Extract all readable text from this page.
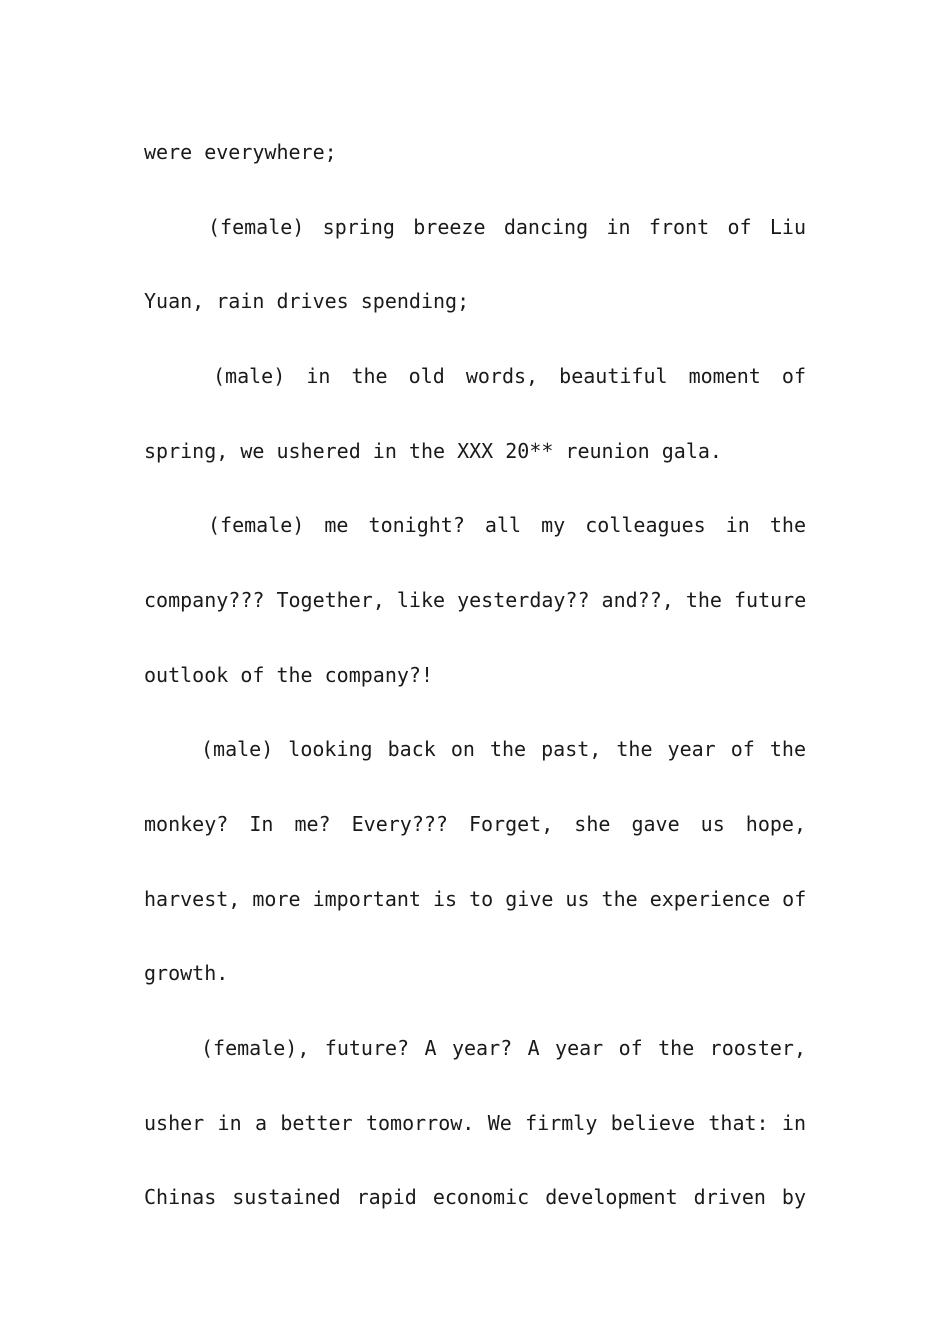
were everywhere;
(female) spring breeze dancing in front of Liu
Yuan, rain drives spending;
(male) in the old words, beautiful moment of
spring, we ushered in the XXX 20** reunion gala.
(female) me tonight? all my colleagues in the
company??? Together, like yesterday?? and??, the future
outlook of the company?!
(male) looking back on the past, the year of the
monkey? In me? Every??? Forget, she gave us hope,
harvest, more important is to give us the experience of
growth.
(female), future? A year? A year of the rooster,
usher in a better tomorrow. We firmly believe that: in
Chinas sustained rapid economic development driven by
